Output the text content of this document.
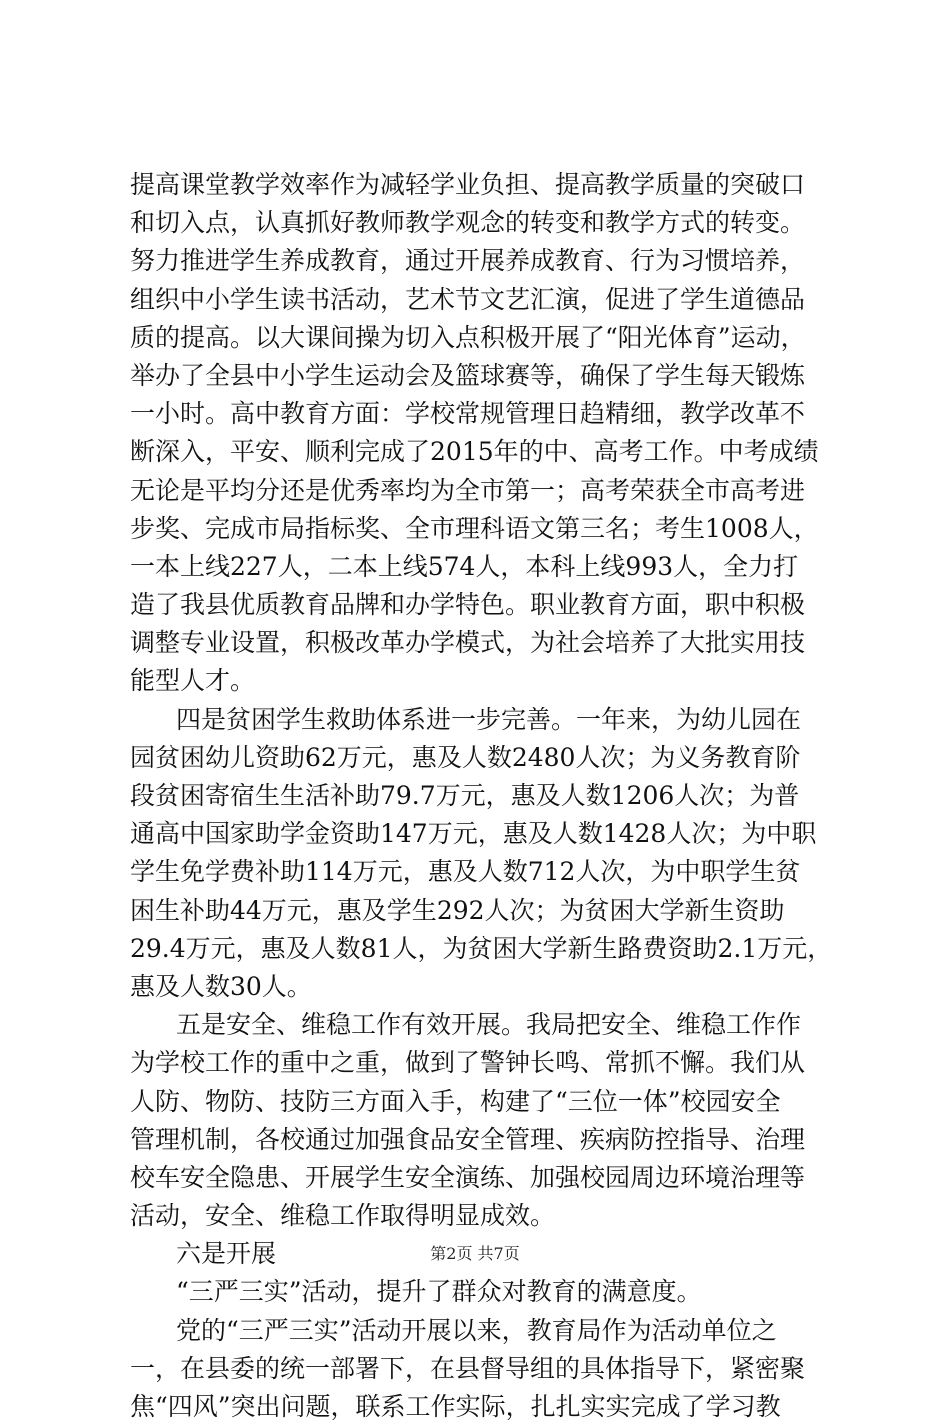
提高课堂教学效率作为减轻学业负担、提高教学质量的突破口
和切入点，认真抓好教师教学观念的转变和教学方式的转变。
努力推进学生养成教育，通过开展养成教育、行为习惯培养，
组织中小学生读书活动，艺术节文艺汇演，促进了学生道德品
质的提高。以大课间操为切入点积极开展了“阳光体育”运动，
举办了全县中小学生运动会及篮球赛等，确保了学生每天锻炼
一小时。高中教育方面：学校常规管理日趋精细，教学改革不
断深入，平安、顺利完成了2015年的中、高考工作。中考成绩
无论是平均分还是优秀率均为全市第一；高考荣获全市高考进
步奖、完成市局指标奖、全市理科语文第三名；考生1008人，
一本上线227人，二本上线574人，本科上线993人，全力打
造了我县优质教育品牌和办学特色。职业教育方面，职中积极
调整专业设置，积极改革办学模式，为社会培养了大批实用技
能型人才。
四是贫困学生救助体系进一步完善。一年来，为幼儿园在
园贫困幼儿资助62万元，惠及人数2480人次；为义务教育阶
段贫困寄宿生生活补助79.7万元，惠及人数1206人次；为普
通高中国家助学金资助147万元，惠及人数1428人次；为中职
学生免学费补助114万元，惠及人数712人次，为中职学生贫
困生补助44万元，惠及学生292人次；为贫困大学新生资助
29.4万元，惠及人数81人，为贫困大学新生路费资助2.1万元，
惠及人数30人。
五是安全、维稳工作有效开展。我局把安全、维稳工作作
为学校工作的重中之重，做到了警钟长鸣、常抓不懈。我们从
人防、物防、技防三方面入手，构建了“三位一体”校园安全
管理机制，各校通过加强食品安全管理、疾病防控指导、治理
校车安全隐患、开展学生安全演练、加强校园周边环境治理等
活动，安全、维稳工作取得明显成效。
六是开展
“三严三实”活动，提升了群众对教育的满意度。
党的“三严三实”活动开展以来，教育局作为活动单位之
一，在县委的统一部署下，在县督导组的具体指导下，紧密聚
焦“四风”突出问题，联系工作实际，扎扎实实完成了学习教
第2页 共7页
